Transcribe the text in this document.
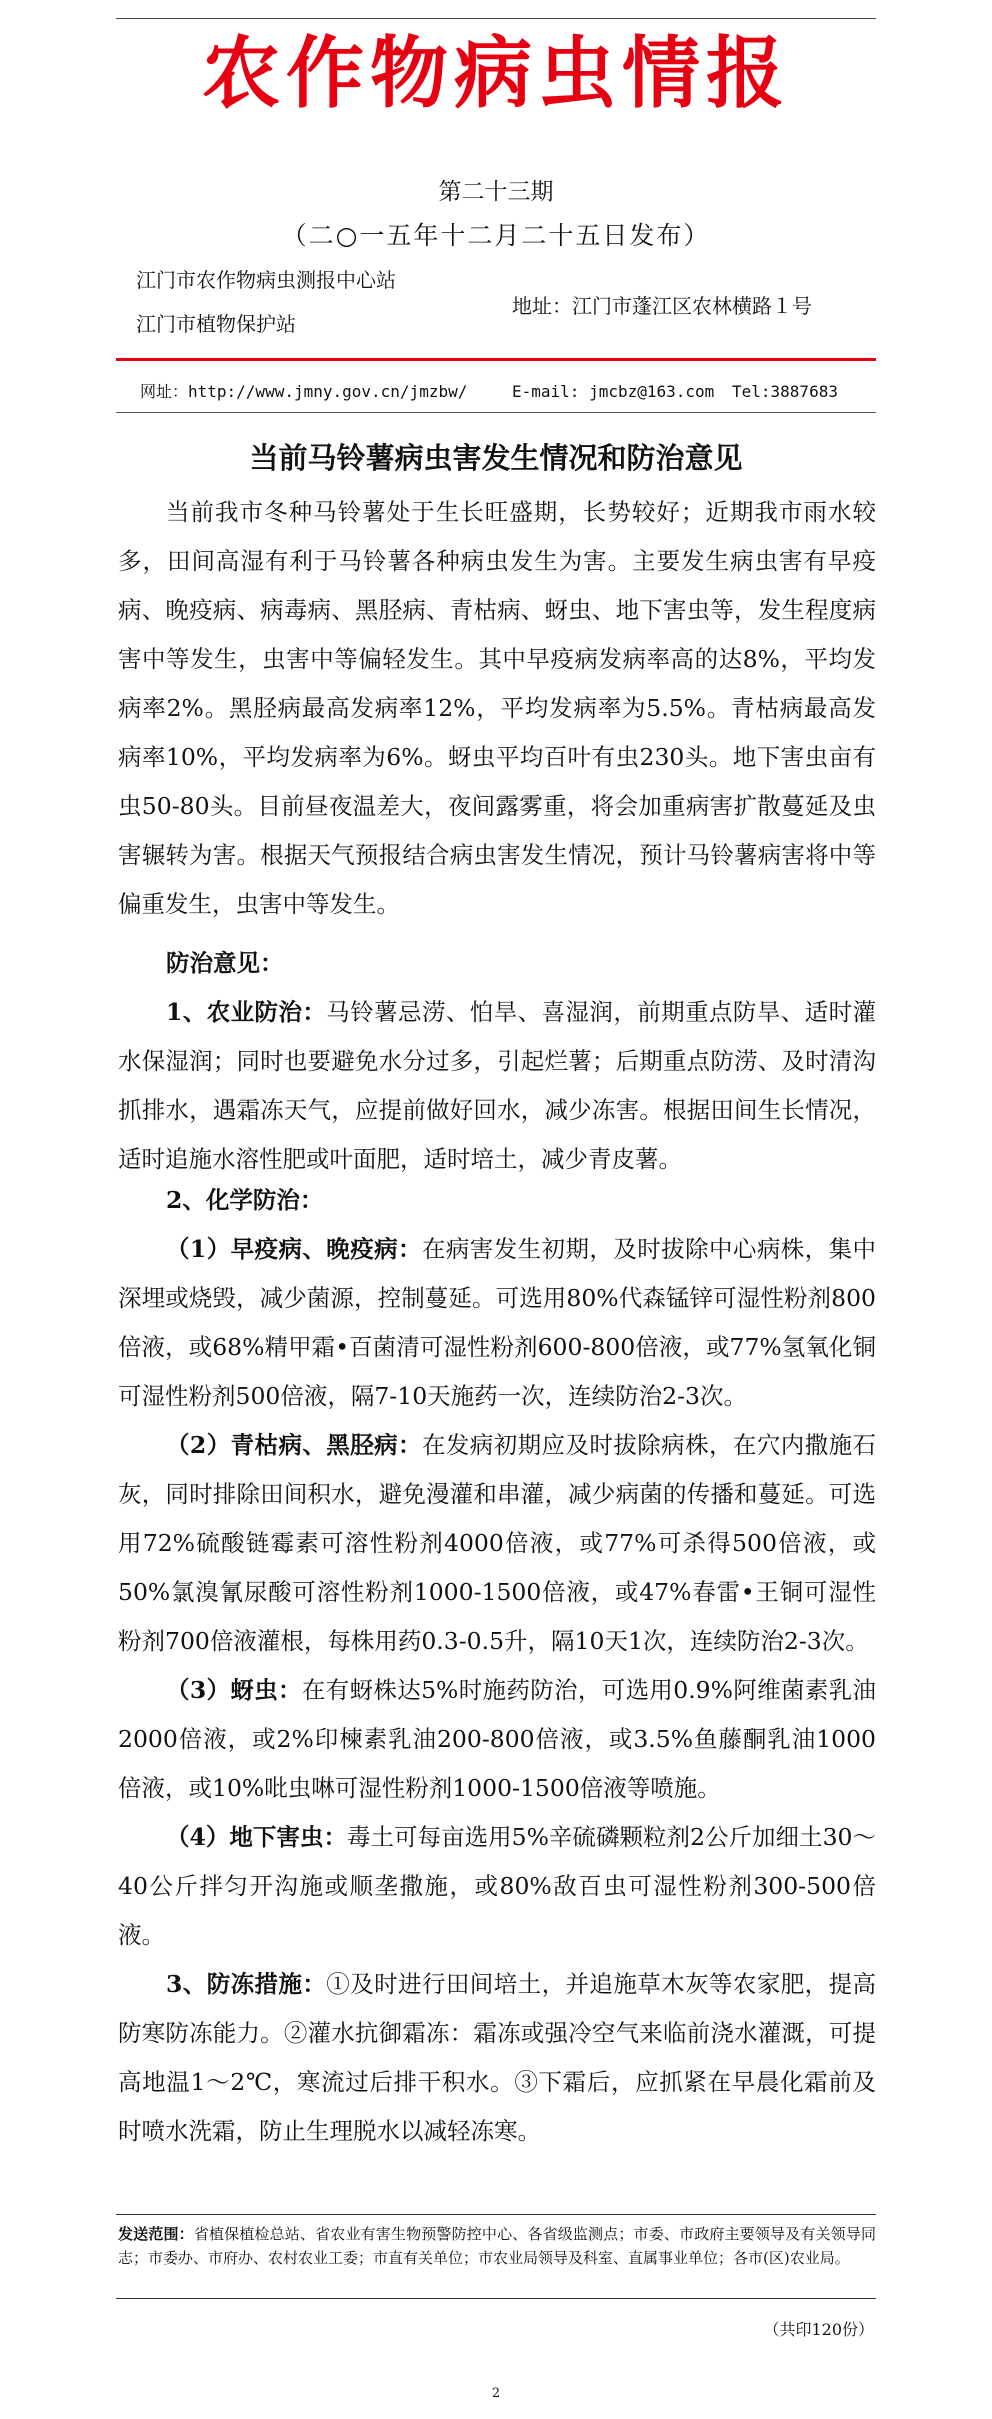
农作物病虫情报
第二十三期
（二○一五年十二月二十五日发布）
江门市农作物病虫测报中心站
江门市植物保护站
地址：江门市蓬江区农林横路１号
网址：http://www.jmny.gov.cn/jmzbw/	E-mail: jmcbz@163.com Tel:3887683
当前马铃薯病虫害发生情况和防治意见

当前我市冬种马铃薯处于生长旺盛期，长势较好；近期我市雨水较多，田间高湿有利于马铃薯各种病虫发生为害。主要发生病虫害有早疫病、晚疫病、病毒病、黑胫病、青枯病、蚜虫、地下害虫等，发生程度病害中等发生，虫害中等偏轻发生。其中早疫病发病率高的达8%，平均发病率2%。黑胫病最高发病率12%，平均发病率为5.5%。青枯病最高发病率10%，平均发病率为6%。蚜虫平均百叶有虫230头。地下害虫亩有虫50-80头。目前昼夜温差大，夜间露雾重，将会加重病害扩散蔓延及虫害辗转为害。根据天气预报结合病虫害发生情况，预计马铃薯病害将中等偏重发生，虫害中等发生。

防治意见：

1、农业防治：马铃薯忌涝、怕旱、喜湿润，前期重点防旱、适时灌水保湿润；同时也要避免水分过多，引起烂薯；后期重点防涝、及时清沟抓排水，遇霜冻天气，应提前做好回水，减少冻害。根据田间生长情况，适时追施水溶性肥或叶面肥，适时培土，减少青皮薯。

2、化学防治：

（1）早疫病、晚疫病：在病害发生初期，及时拔除中心病株，集中深埋或烧毁，减少菌源，控制蔓延。可选用80%代森锰锌可湿性粉剂800倍液，或68%精甲霜•百菌清可湿性粉剂600-800倍液，或77%氢氧化铜可湿性粉剂500倍液，隔7-10天施药一次，连续防治2-3次。

（2）青枯病、黑胫病：在发病初期应及时拔除病株，在穴内撒施石灰，同时排除田间积水，避免漫灌和串灌，减少病菌的传播和蔓延。可选用72%硫酸链霉素可溶性粉剂4000倍液，或77%可杀得500倍液，或50%氯溴氰尿酸可溶性粉剂1000-1500倍液，或47%春雷•王铜可湿性粉剂700倍液灌根，每株用药0.3-0.5升，隔10天1次，连续防治2-3次。

（3）蚜虫：在有蚜株达5%时施药防治，可选用0.9%阿维菌素乳油2000倍液，或2%印楝素乳油200-800倍液，或3.5%鱼藤酮乳油1000倍液，或10%吡虫啉可湿性粉剂1000-1500倍液等喷施。

（4）地下害虫：毒土可每亩选用5%辛硫磷颗粒剂2公斤加细土30～40公斤拌匀开沟施或顺垄撒施，或80%敌百虫可湿性粉剂300-500倍液。

3、防冻措施：①及时进行田间培土，并追施草木灰等农家肥，提高防寒防冻能力。②灌水抗御霜冻：霜冻或强冷空气来临前浇水灌溉，可提高地温1～2℃，寒流过后排干积水。③下霜后，应抓紧在早晨化霜前及时喷水洗霜，防止生理脱水以减轻冻寒。

发送范围：省植保植检总站、省农业有害生物预警防控中心、各省级监测点；市委、市政府主要领导及有关领导同志；市委办、市府办、农村农业工委；市直有关单位；市农业局领导及科室、直属事业单位；各市(区)农业局。
（共印120份）
2
